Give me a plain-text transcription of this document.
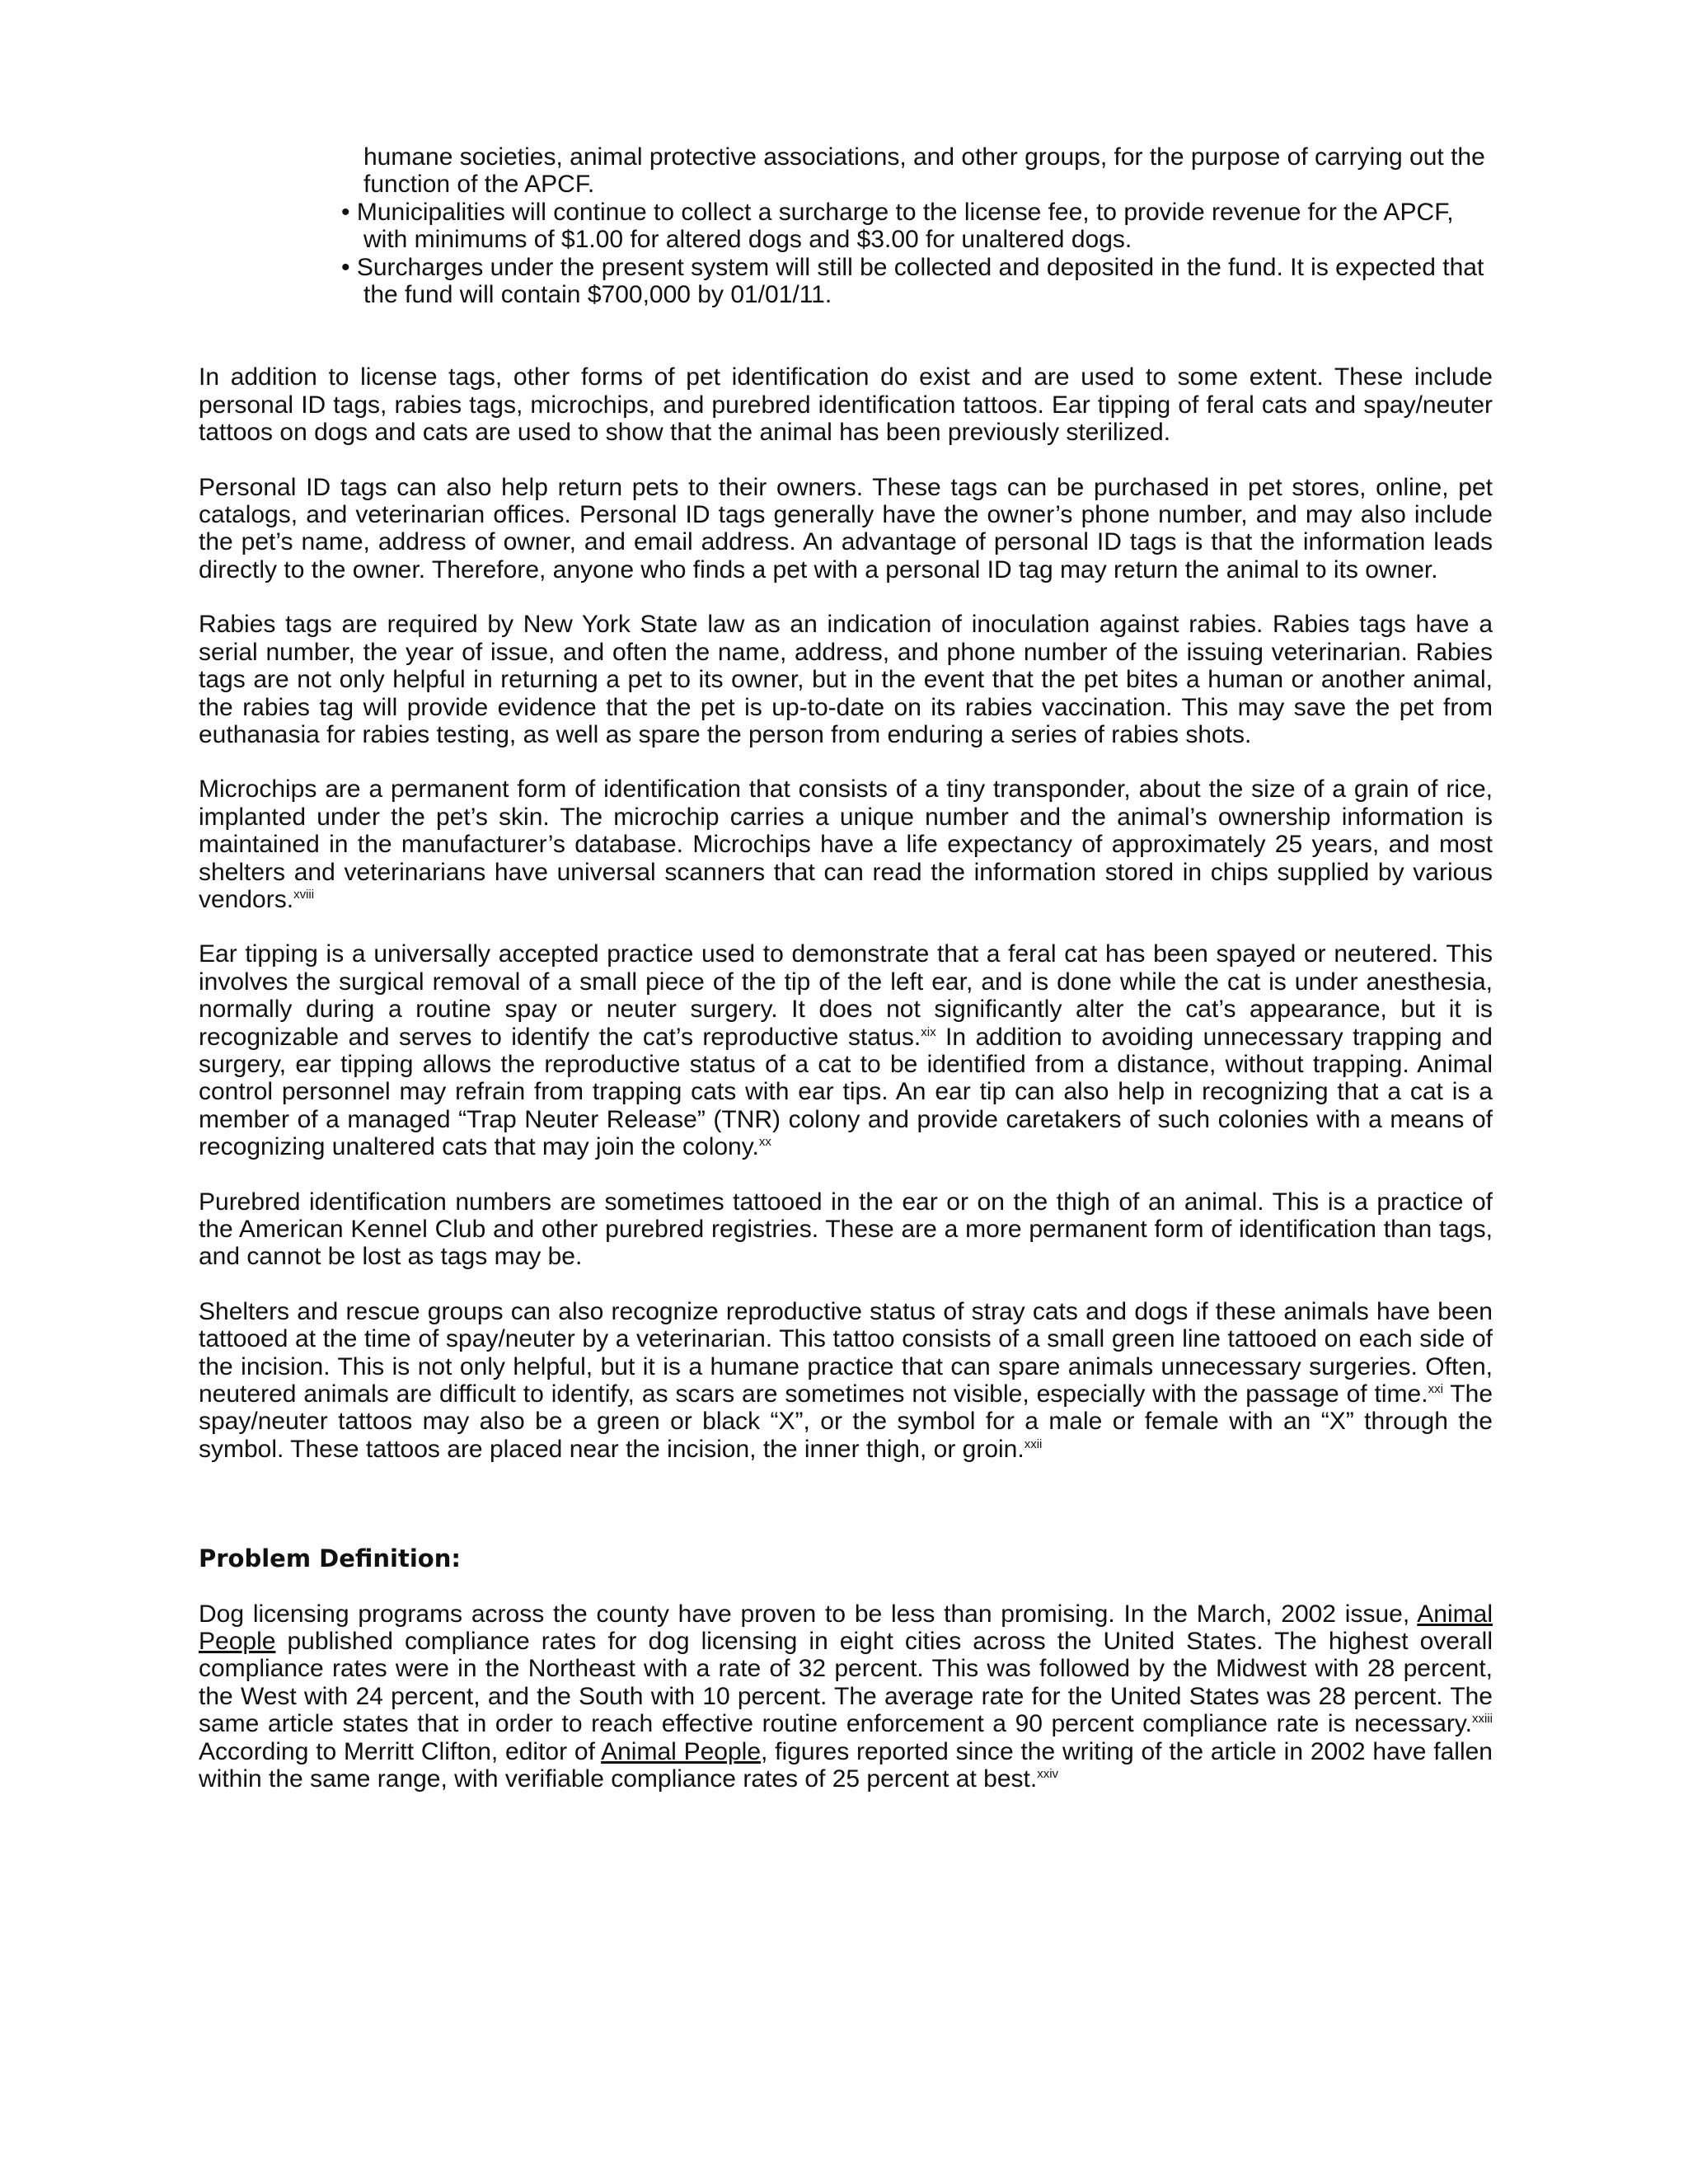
humane societies, animal protective associations, and other groups, for the purpose of carrying out the function of the APCF.

• Municipalities will continue to collect a surcharge to the license fee, to provide revenue for the APCF, with minimums of $1.00 for altered dogs and $3.00 for unaltered dogs.

• Surcharges under the present system will still be collected and deposited in the fund. It is expected that the fund will contain $700,000 by 01/01/11.

In addition to license tags, other forms of pet identification do exist and are used to some extent. These include personal ID tags, rabies tags, microchips, and purebred identification tattoos. Ear tipping of feral cats and spay/neuter tattoos on dogs and cats are used to show that the animal has been previously sterilized.

Personal ID tags can also help return pets to their owners. These tags can be purchased in pet stores, online, pet catalogs, and veterinarian offices. Personal ID tags generally have the owner’s phone number, and may also include the pet’s name, address of owner, and email address. An advantage of personal ID tags is that the information leads directly to the owner. Therefore, anyone who finds a pet with a personal ID tag may return the animal to its owner.

Rabies tags are required by New York State law as an indication of inoculation against rabies. Rabies tags have a serial number, the year of issue, and often the name, address, and phone number of the issuing veterinarian. Rabies tags are not only helpful in returning a pet to its owner, but in the event that the pet bites a human or another animal, the rabies tag will provide evidence that the pet is up-to-date on its rabies vaccination. This may save the pet from euthanasia for rabies testing, as well as spare the person from enduring a series of rabies shots.

Microchips are a permanent form of identification that consists of a tiny transponder, about the size of a grain of rice, implanted under the pet’s skin. The microchip carries a unique number and the animal’s ownership information is maintained in the manufacturer’s database. Microchips have a life expectancy of approximately 25 years, and most shelters and veterinarians have universal scanners that can read the information stored in chips supplied by various vendors.$^{xviii}$

Ear tipping is a universally accepted practice used to demonstrate that a feral cat has been spayed or neutered. This involves the surgical removal of a small piece of the tip of the left ear, and is done while the cat is under anesthesia, normally during a routine spay or neuter surgery. It does not significantly alter the cat’s appearance, but it is recognizable and serves to identify the cat’s reproductive status.$^{xix}$ In addition to avoiding unnecessary trapping and surgery, ear tipping allows the reproductive status of a cat to be identified from a distance, without trapping. Animal control personnel may refrain from trapping cats with ear tips. An ear tip can also help in recognizing that a cat is a member of a managed “Trap Neuter Release” (TNR) colony and provide caretakers of such colonies with a means of recognizing unaltered cats that may join the colony.$^{xx}$

Purebred identification numbers are sometimes tattooed in the ear or on the thigh of an animal. This is a practice of the American Kennel Club and other purebred registries. These are a more permanent form of identification than tags, and cannot be lost as tags may be.

Shelters and rescue groups can also recognize reproductive status of stray cats and dogs if these animals have been tattooed at the time of spay/neuter by a veterinarian. This tattoo consists of a small green line tattooed on each side of the incision. This is not only helpful, but it is a humane practice that can spare animals unnecessary surgeries. Often, neutered animals are difficult to identify, as scars are sometimes not visible, especially with the passage of time.$^{xxi}$ The spay/neuter tattoos may also be a green or black “X”, or the symbol for a male or female with an “X” through the symbol. These tattoos are placed near the incision, the inner thigh, or groin.$^{xxii}$

Problem Definition:

Dog licensing programs across the county have proven to be less than promising. In the March, 2002 issue, Animal People published compliance rates for dog licensing in eight cities across the United States. The highest overall compliance rates were in the Northeast with a rate of 32 percent. This was followed by the Midwest with 28 percent, the West with 24 percent, and the South with 10 percent. The average rate for the United States was 28 percent. The same article states that in order to reach effective routine enforcement a 90 percent compliance rate is necessary.$^{xxiii}$ According to Merritt Clifton, editor of Animal People, figures reported since the writing of the article in 2002 have fallen within the same range, with verifiable compliance rates of 25 percent at best.$^{xxiv}$
